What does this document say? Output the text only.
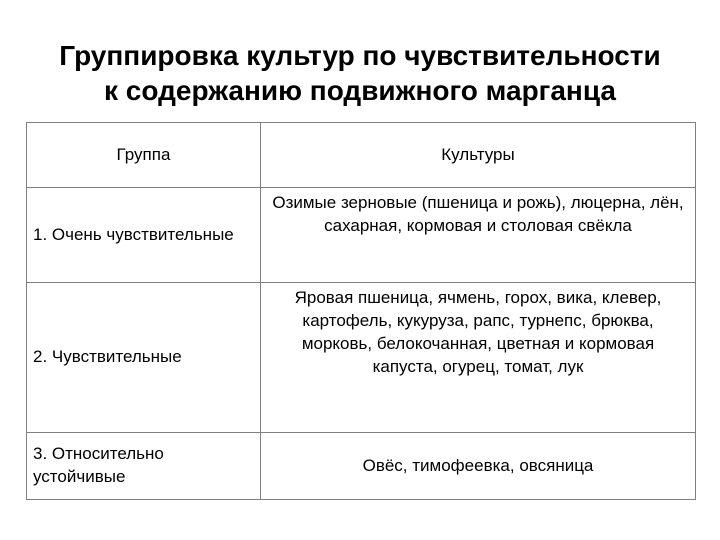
Группировка культур по чувствительности
к содержанию подвижного марганца
Группа	Культуры
1. Очень чувствительные	Озимые зерновые (пшеница и рожь), люцерна, лён, сахарная, кормовая и столовая свёкла
2. Чувствительные	Яровая пшеница, ячмень, горох, вика, клевер, картофель, кукуруза, рапс, турнепс, брюква, морковь, белокочанная, цветная и кормовая капуста, огурец, томат, лук
3. Относительно устойчивые	Овёс, тимофеевка, овсяница
